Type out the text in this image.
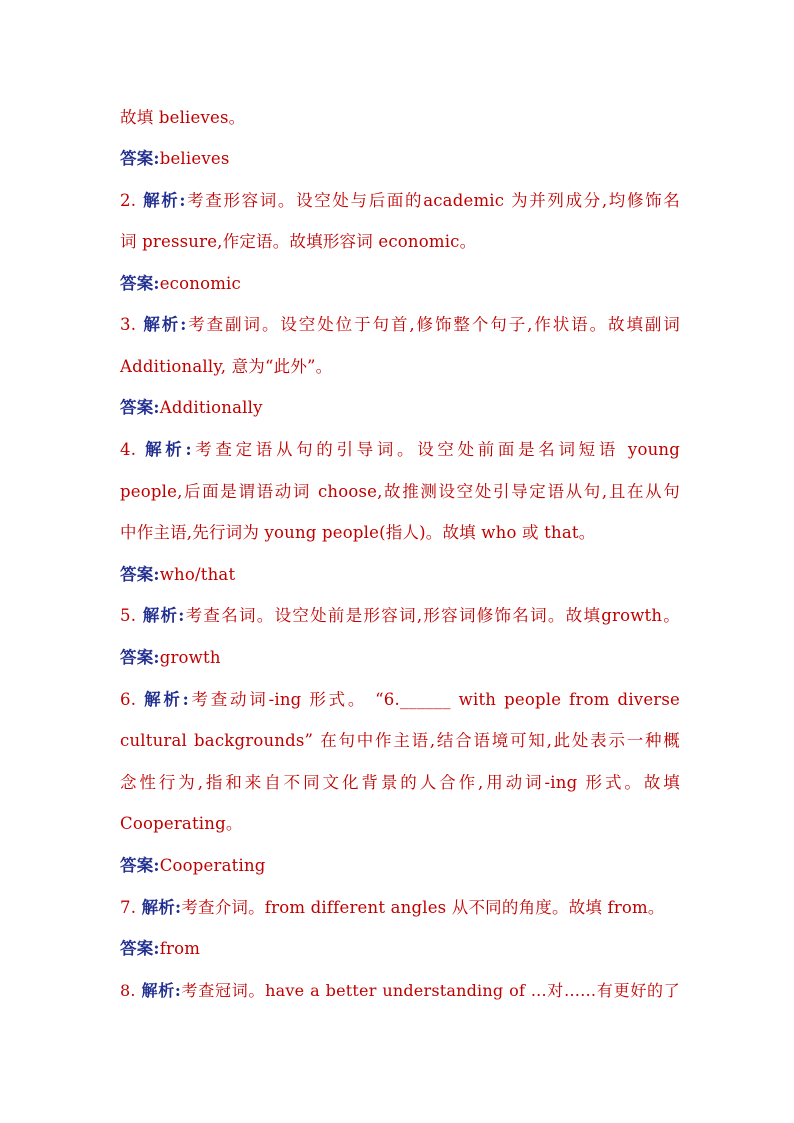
故填 believes。
答案:believes
2. 解析:考查形容词。设空处与后面的academic 为并列成分,均修饰名
词 pressure,作定语。故填形容词 economic。
答案:economic
3. 解析:考查副词。设空处位于句首,修饰整个句子,作状语。故填副词
Additionally, 意为“此外”。
答案:Additionally
4. 解析:考查定语从句的引导词。设空处前面是名词短语 young
people,后面是谓语动词 choose,故推测设空处引导定语从句,且在从句
中作主语,先行词为 young people(指人)。故填 who 或 that。
答案:who/that
5. 解析:考查名词。设空处前是形容词,形容词修饰名词。故填growth。
答案:growth
6. 解析:考查动词-ing 形式。 “6.______ with people from diverse
cultural backgrounds” 在句中作主语,结合语境可知,此处表示一种概
念性行为,指和来自不同文化背景的人合作,用动词-ing 形式。故填
Cooperating。
答案:Cooperating
7. 解析:考查介词。from different angles 从不同的角度。故填 from。
答案:from
8. 解析:考查冠词。have a better understanding of ...对……有更好的了
